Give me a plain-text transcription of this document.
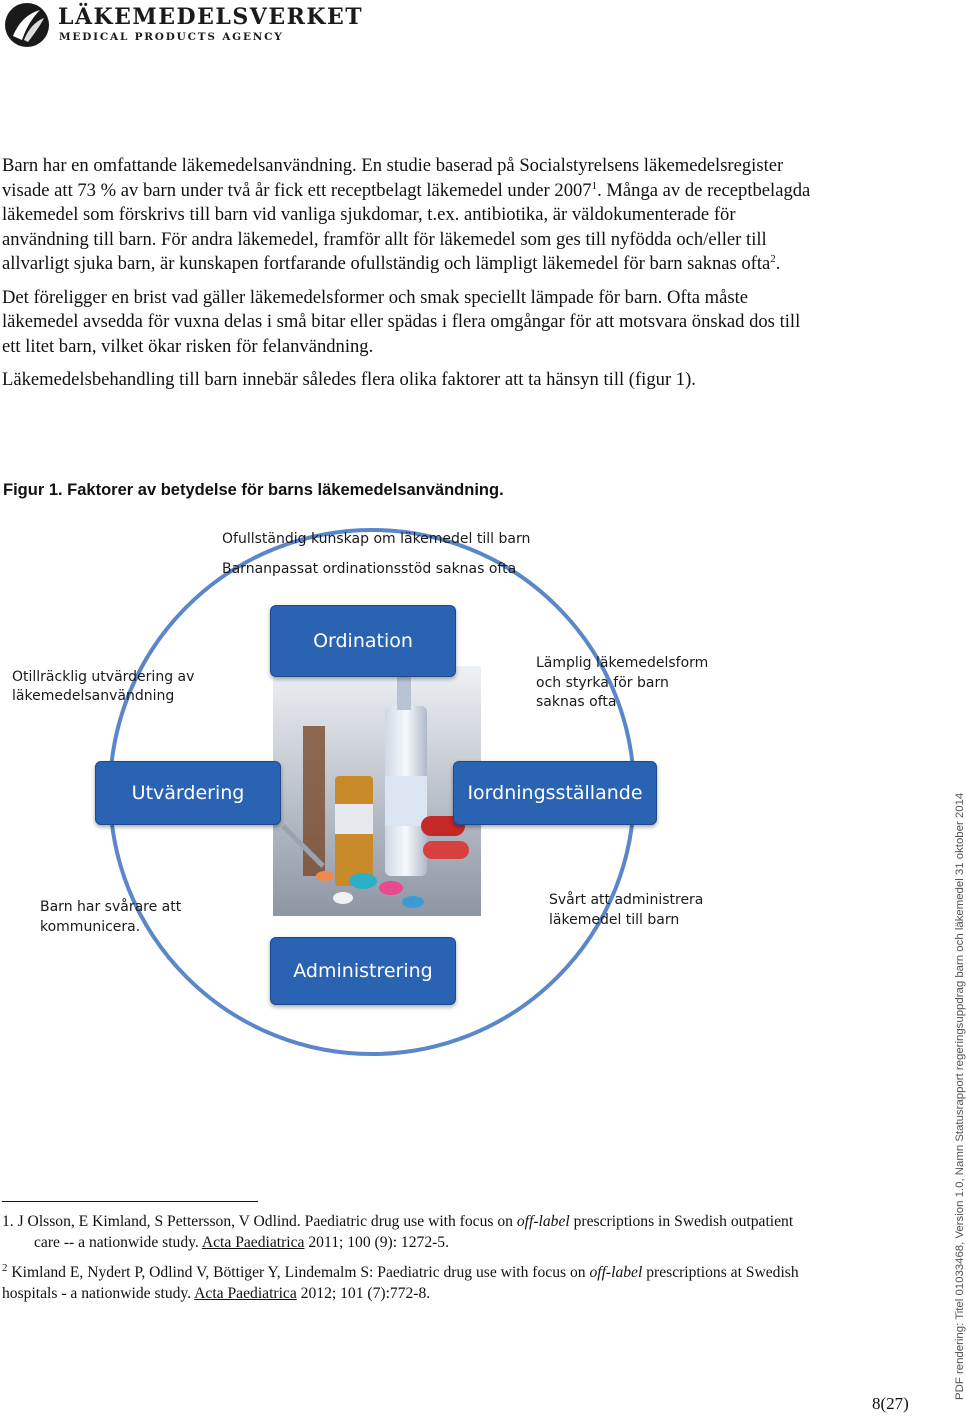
LÄKEMEDELSVERKET
MEDICAL PRODUCTS AGENCY

Barn har en omfattande läkemedelsanvändning. En studie baserad på Socialstyrelsens läkemedelsregister visade att 73 % av barn under två år fick ett receptbelagt läkemedel under 2007$^1$. Många av de receptbelagda läkemedel som förskrivs till barn vid vanliga sjukdomar, t.ex. antibiotika, är väldokumenterade för användning till barn. För andra läkemedel, framför allt för läkemedel som ges till nyfödda och/eller till allvarligt sjuka barn, är kunskapen fortfarande ofullständig och lämpligt läkemedel för barn saknas ofta$^2$.

Det föreligger en brist vad gäller läkemedelsformer och smak speciellt lämpade för barn. Ofta måste läkemedel avsedda för vuxna delas i små bitar eller spädas i flera omgångar för att motsvara önskad dos till ett litet barn, vilket ökar risken för felanvändning.

Läkemedelsbehandling till barn innebär således flera olika faktorer att ta hänsyn till (figur 1).

Figur 1. Faktorer av betydelse för barns läkemedelsanvändning.
Ofullständig kunskap om läkemedel till barn
Barnanpassat ordinationsstöd saknas ofta
Otillräcklig utvärdering av
läkemedelsanvändning
Lämplig läkemedelsform
och styrka för barn
saknas ofta
Barn har svårare att
kommunicera.
Svårt att administrera
läkemedel till barn
Ordination
Utvärdering	Iordningsställande
Administrering
1. J Olsson, E Kimland, S Pettersson, V Odlind. Paediatric drug use with focus on off-label prescriptions in Swedish outpatient care -- a nationwide study. Acta Paediatrica 2011; 100 (9): 1272-5.
$^2$ Kimland E, Nydert P, Odlind V, Böttiger Y, Lindemalm S: Paediatric drug use with focus on off-label prescriptions at Swedish hospitals - a nationwide study. Acta Paediatrica 2012; 101 (7):772-8.	PDF rendering: Titel 01033468, Version 1.0, Namn Statusrapport regeringsuppdrag barn och läkemedel 31 oktober 2014
8(27)
